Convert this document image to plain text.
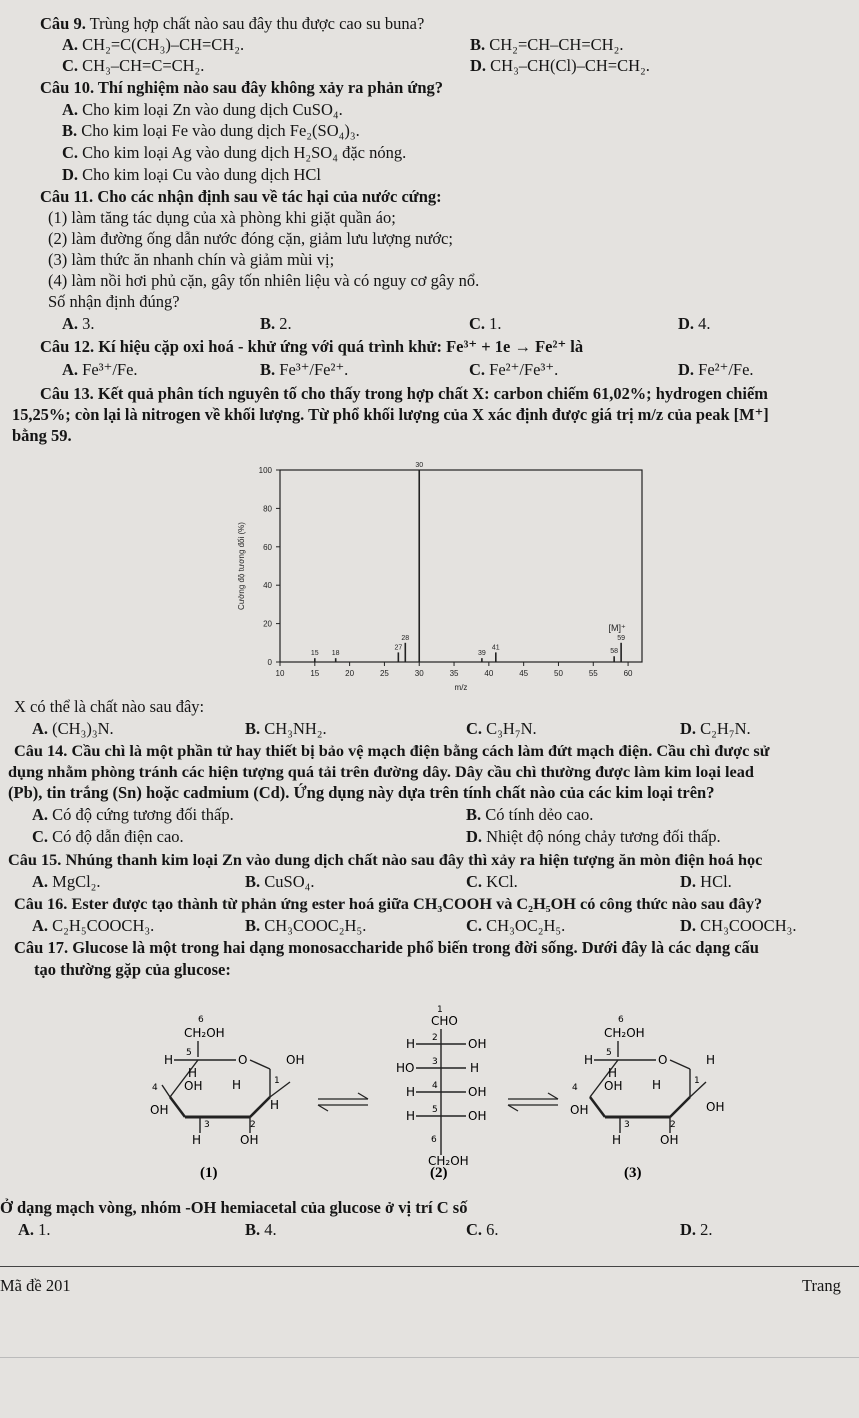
Câu 9. Trùng hợp chất nào sau đây thu được cao su buna?
A. CH₂=C(CH₃)–CH=CH₂.	B. CH₂=CH–CH=CH₂.
C. CH₃–CH=C=CH₂.	D. CH₃–CH(Cl)–CH=CH₂.
Câu 10. Thí nghiệm nào sau đây không xảy ra phản ứng?
A. Cho kim loại Zn vào dung dịch CuSO₄.
B. Cho kim loại Fe vào dung dịch Fe₂(SO₄)₃.
C. Cho kim loại Ag vào dung dịch H₂SO₄ đặc nóng.
D. Cho kim loại Cu vào dung dịch HCl
Câu 11. Cho các nhận định sau về tác hại của nước cứng:
(1) làm tăng tác dụng của xà phòng khi giặt quần áo;
(2) làm đường ống dẫn nước đóng cặn, giảm lưu lượng nước;
(3) làm thức ăn nhanh chín và giảm mùi vị;
(4) làm nồi hơi phủ cặn, gây tốn nhiên liệu và có nguy cơ gây nổ.
Số nhận định đúng?
A. 3.	B. 2.	C. 1.	D. 4.
Câu 12. Kí hiệu cặp oxi hoá - khử ứng với quá trình khử: Fe³⁺ + 1e → Fe²⁺ là
A. Fe³⁺/Fe.	B. Fe³⁺/Fe²⁺.	C. Fe²⁺/Fe³⁺.	D. Fe²⁺/Fe.
Câu 13. Kết quả phân tích nguyên tố cho thấy trong hợp chất X: carbon chiếm 61,02%; hydrogen chiếm
15,25%; còn lại là nitrogen về khối lượng. Từ phổ khối lượng của X xác định được giá trị m/z của peak [M⁺]
bằng 59.
0
20
40
60
80
100
10	15	20	25	30	35	40	45	50	55	60
15 18
27
28
30
39
41
58
59
[M]⁺
m/z
Cường độ tương đối (%)
X có thể là chất nào sau đây:
A. (CH₃)₃N.	B. CH₃NH₂.	C. C₃H₇N.	D. C₂H₇N.
Câu 14. Cầu chì là một phần tử hay thiết bị bảo vệ mạch điện bằng cách làm đứt mạch điện. Cầu chì được sử
dụng nhằm phòng tránh các hiện tượng quá tải trên đường dây. Dây cầu chì thường được làm kim loại lead
(Pb), tin trắng (Sn) hoặc cadmium (Cd). Ứng dụng này dựa trên tính chất nào của các kim loại trên?
A. Có độ cứng tương đối thấp.	B. Có tính dẻo cao.
C. Có độ dẫn điện cao.	D. Nhiệt độ nóng chảy tương đối thấp.
Câu 15. Nhúng thanh kim loại Zn vào dung dịch chất nào sau đây thì xảy ra hiện tượng ăn mòn điện hoá học
A. MgCl₂.	B. CuSO₄.	C. KCl.	D. HCl.
Câu 16. Ester được tạo thành từ phản ứng ester hoá giữa CH₃COOH và C₂H₅OH có công thức nào sau đây?
A. C₂H₅COOCH₃.	B. CH₃COOC₂H₅.	C. CH₃OC₂H₅.	D. CH₃COOCH₃.
Câu 17. Glucose là một trong hai dạng monosaccharide phổ biến trong đời sống. Dưới đây là các dạng cấu
tạo thường gặp của glucose:
6
CH₂OH
5
H	O	OH
1
H
4
H
OH H
OH
3	2
H	OH
(1)
1
CHO
H 2	OH
HO 3	H
H 4	OH
H 5	OH
6
CH₂OH
(2)
6
CH₂OH
5
H	O	H
1
OH
4
H
OH H
OH
3	2
H	OH
(3)
Ở dạng mạch vòng, nhóm -OH hemiacetal của glucose ở vị trí C số
A. 1.	B. 4.	C. 6.	D. 2.
Mã đề 201	Trang
